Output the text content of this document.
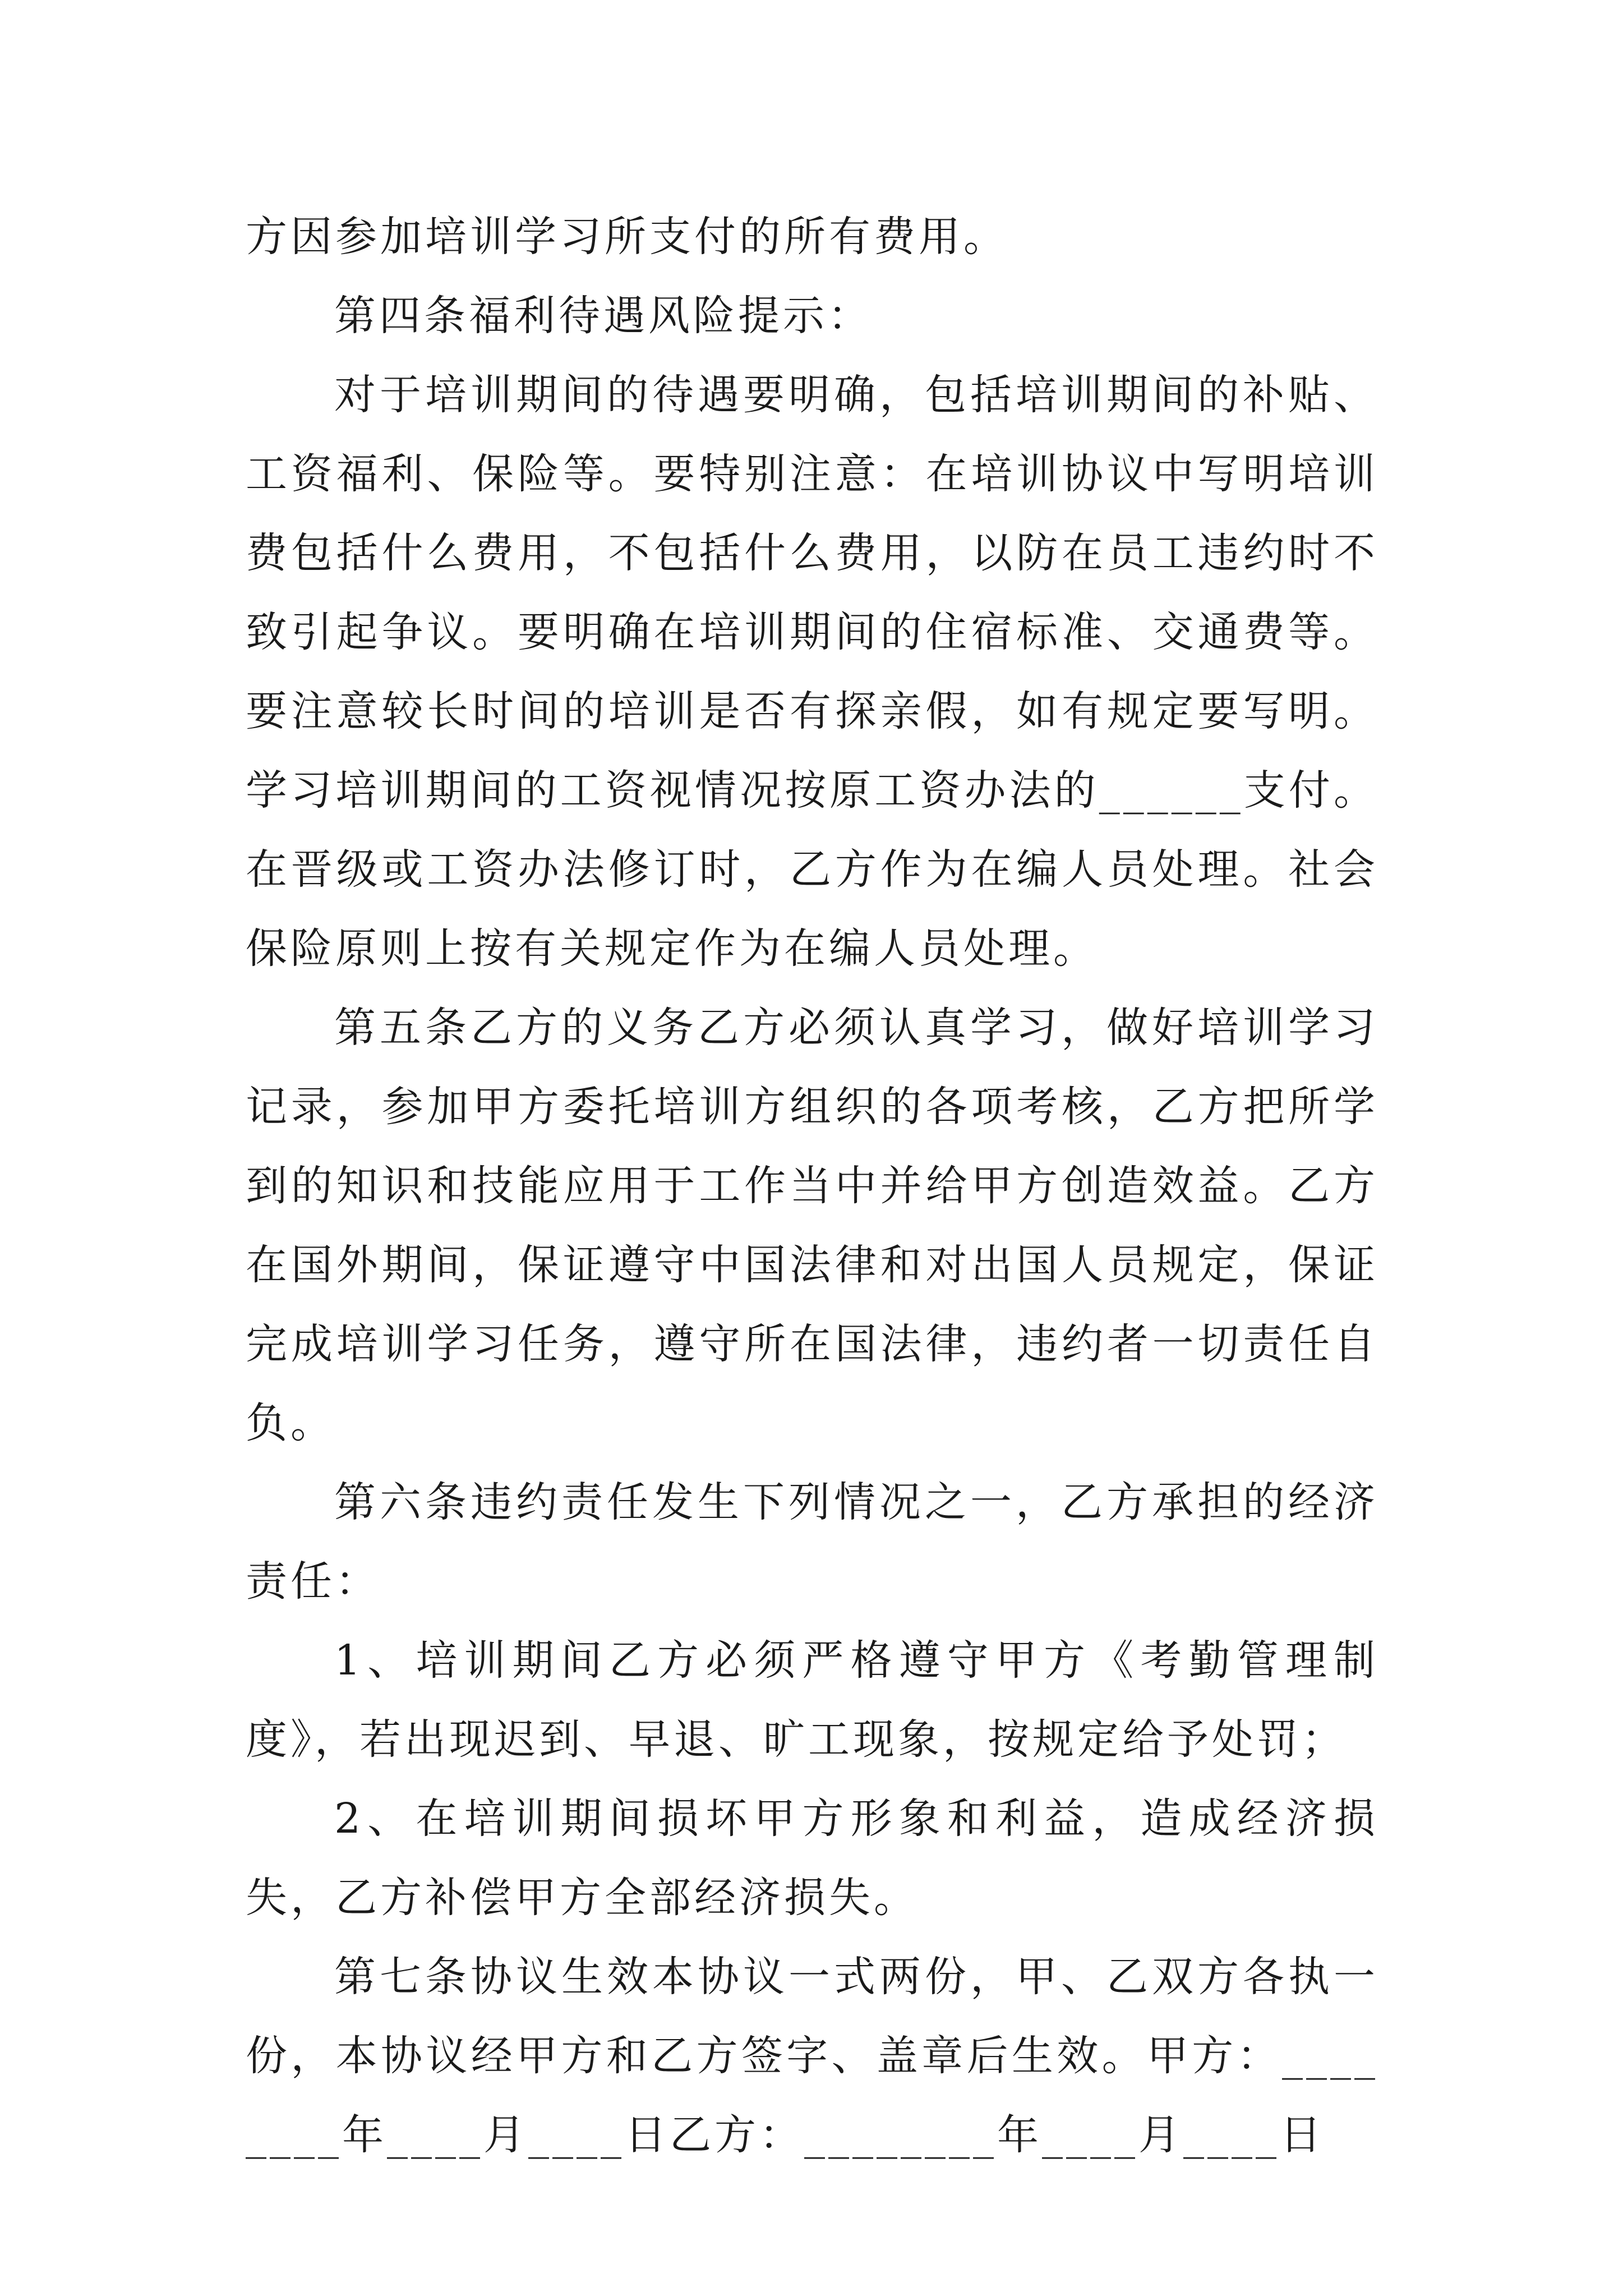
方因参加培训学习所支付的所有费用。

第四条福利待遇风险提示：

对于培训期间的待遇要明确，包括培训期间的补贴、工资福利、保险等。要特别注意：在培训协议中写明培训费包括什么费用，不包括什么费用，以防在员工违约时不致引起争议。要明确在培训期间的住宿标准、交通费等。要注意较长时间的培训是否有探亲假，如有规定要写明。学习培训期间的工资视情况按原工资办法的______支付。在晋级或工资办法修订时，乙方作为在编人员处理。社会保险原则上按有关规定作为在编人员处理。

第五条乙方的义务乙方必须认真学习，做好培训学习记录，参加甲方委托培训方组织的各项考核，乙方把所学到的知识和技能应用于工作当中并给甲方创造效益。乙方在国外期间，保证遵守中国法律和对出国人员规定，保证完成培训学习任务，遵守所在国法律，违约者一切责任自负。

第六条违约责任发生下列情况之一，乙方承担的经济责任：

1、培训期间乙方必须严格遵守甲方《考勤管理制度》，若出现迟到、早退、旷工现象，按规定给予处罚；

2、在培训期间损坏甲方形象和利益，造成经济损失，乙方补偿甲方全部经济损失。

第七条协议生效本协议一式两份，甲、乙双方各执一份，本协议经甲方和乙方签字、盖章后生效。甲方：________年____月____日乙方：________年____月____日
